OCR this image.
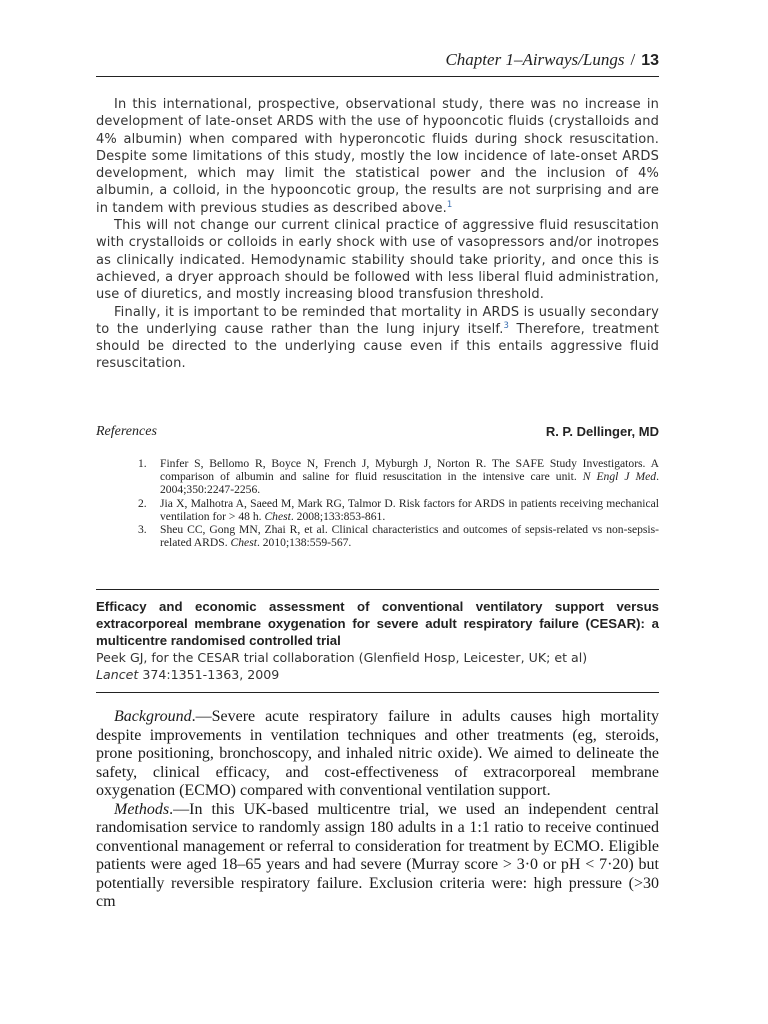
Chapter 1–Airways/Lungs / 13

In this international, prospective, observational study, there was no increase in development of late-onset ARDS with the use of hypooncotic fluids (crystalloids and 4% albumin) when compared with hyperoncotic fluids during shock resuscitation. Despite some limitations of this study, mostly the low incidence of late-onset ARDS development, which may limit the statistical power and the inclusion of 4% albumin, a colloid, in the hypooncotic group, the results are not surprising and are in tandem with previous studies as described above.$^1$

This will not change our current clinical practice of aggressive fluid resuscitation with crystalloids or colloids in early shock with use of vasopressors and/or inotropes as clinically indicated. Hemodynamic stability should take priority, and once this is achieved, a dryer approach should be followed with less liberal fluid administration, use of diuretics, and mostly increasing blood transfusion threshold.

Finally, it is important to be reminded that mortality in ARDS is usually secondary to the underlying cause rather than the lung injury itself.$^3$ Therefore, treatment should be directed to the underlying cause even if this entails aggressive fluid resuscitation.

R. P. Dellinger, MD
References
1. Finfer S, Bellomo R, Boyce N, French J, Myburgh J, Norton R. The SAFE Study Investigators. A comparison of albumin and saline for fluid resuscitation in the intensive care unit. N Engl J Med. 2004;350:2247-2256.
2. Jia X, Malhotra A, Saeed M, Mark RG, Talmor D. Risk factors for ARDS in patients receiving mechanical ventilation for > 48 h. Chest. 2008;133:853-861.
3. Sheu CC, Gong MN, Zhai R, et al. Clinical characteristics and outcomes of sepsis-related vs non-sepsis-related ARDS. Chest. 2010;138:559-567.

Efficacy and economic assessment of conventional ventilatory support versus extracorporeal membrane oxygenation for severe adult respiratory failure (CESAR): a multicentre randomised controlled trial

Peek GJ, for the CESAR trial collaboration (Glenfield Hosp, Leicester, UK; et al)

Lancet 374:1351-1363, 2009

Background.—Severe acute respiratory failure in adults causes high mortality despite improvements in ventilation techniques and other treatments (eg, steroids, prone positioning, bronchoscopy, and inhaled nitric oxide). We aimed to delineate the safety, clinical efficacy, and cost-effectiveness of extracorporeal membrane oxygenation (ECMO) compared with conventional ventilation support.

Methods.—In this UK-based multicentre trial, we used an independent central randomisation service to randomly assign 180 adults in a 1:1 ratio to receive continued conventional management or referral to consideration for treatment by ECMO. Eligible patients were aged 18–65 years and had severe (Murray score > 3·0 or pH < 7·20) but potentially reversible respiratory failure. Exclusion criteria were: high pressure (>30 cm
